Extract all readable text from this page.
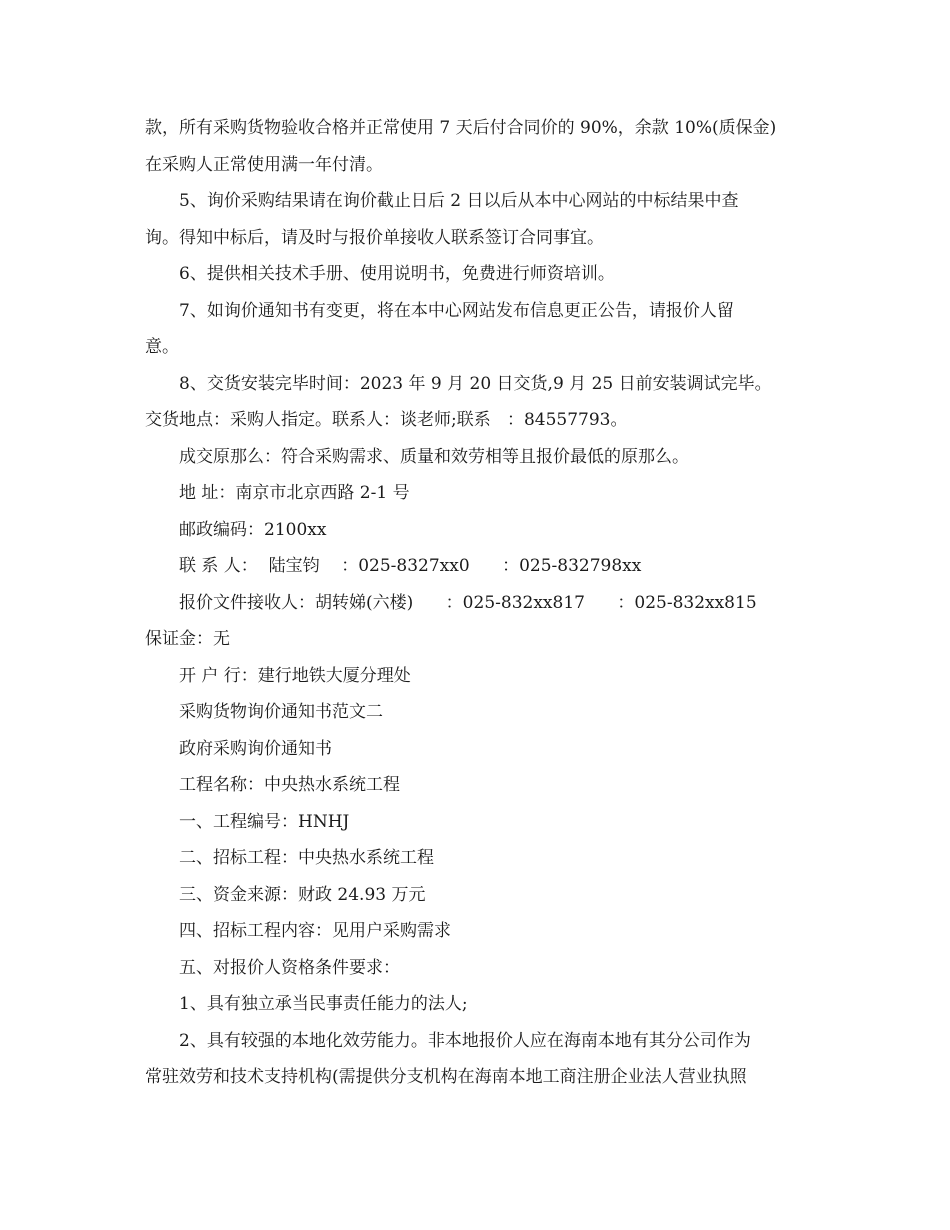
款，所有采购货物验收合格并正常使用 7 天后付合同价的 90%，余款 10%(质保金)
在采购人正常使用满一年付清。
5、询价采购结果请在询价截止日后 2 日以后从本中心网站的中标结果中查
询。得知中标后，请及时与报价单接收人联系签订合同事宜。
6、提供相关技术手册、使用说明书，免费进行师资培训。
7、如询价通知书有变更，将在本中心网站发布信息更正公告，请报价人留
意。
8、交货安装完毕时间：2023 年 9 月 20 日交货,9 月 25 日前安装调试完毕。
交货地点：采购人指定。联系人：谈老师;联系   ：84557793。
成交原那么：符合采购需求、质量和效劳相等且报价最低的原那么。
地 址：南京市北京西路 2-1 号
邮政编码：2100xx
联 系 人：  陆宝钧    ：025-8327xx0      ：025-832798xx
报价文件接收人：胡转娣(六楼)      ：025-832xx817      ：025-832xx815
保证金：无
开 户 行：建行地铁大厦分理处
采购货物询价通知书范文二
政府采购询价通知书
工程名称：中央热水系统工程
一、工程编号：HNHJ
二、招标工程：中央热水系统工程
三、资金来源：财政 24.93 万元
四、招标工程内容：见用户采购需求
五、对报价人资格条件要求：
1、具有独立承当民事责任能力的法人;
2、具有较强的本地化效劳能力。非本地报价人应在海南本地有其分公司作为
常驻效劳和技术支持机构(需提供分支机构在海南本地工商注册企业法人营业执照
